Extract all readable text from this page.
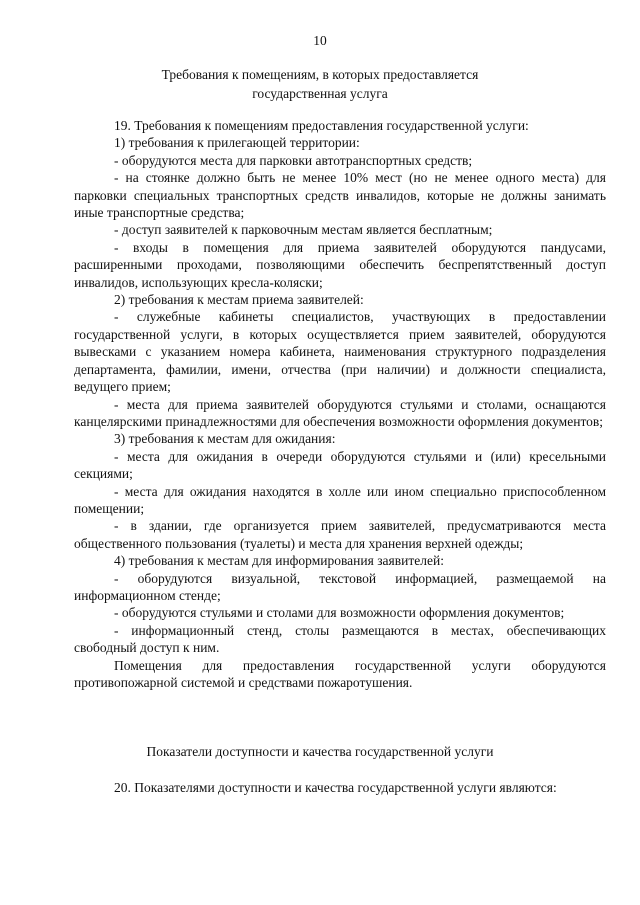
10
Требования к помещениям, в которых предоставляется
государственная услуга

19. Требования к помещениям предоставления государственной услуги:

1) требования к прилегающей территории:

- оборудуются места для парковки автотранспортных средств;

- на стоянке должно быть не менее 10% мест (но не менее одного места) для парковки специальных транспортных средств инвалидов, которые не должны занимать иные транспортные средства;

- доступ заявителей к парковочным местам является бесплатным;

- входы в помещения для приема заявителей оборудуются пандусами, расширенными проходами, позволяющими обеспечить беспрепятственный доступ инвалидов, использующих кресла-коляски;

2) требования к местам приема заявителей:

- служебные кабинеты специалистов, участвующих в предоставлении государственной услуги, в которых осуществляется прием заявителей, оборудуются вывесками с указанием номера кабинета, наименования структурного подразделения департамента, фамилии, имени, отчества (при наличии) и должности специалиста, ведущего прием;

- места для приема заявителей оборудуются стульями и столами, оснащаются канцелярскими принадлежностями для обеспечения возможности оформления документов;

3) требования к местам для ожидания:

- места для ожидания в очереди оборудуются стульями и (или) кресельными секциями;

- места для ожидания находятся в холле или ином специально приспособленном помещении;

- в здании, где организуется прием заявителей, предусматриваются места общественного пользования (туалеты) и места для хранения верхней одежды;

4) требования к местам для информирования заявителей:

- оборудуются визуальной, текстовой информацией, размещаемой на информационном стенде;

- оборудуются стульями и столами для возможности оформления документов;

- информационный стенд, столы размещаются в местах, обеспечивающих свободный доступ к ним.

Помещения для предоставления государственной услуги оборудуются противопожарной системой и средствами пожаротушения.

Показатели доступности и качества государственной услуги

20. Показателями доступности и качества государственной услуги являются:
